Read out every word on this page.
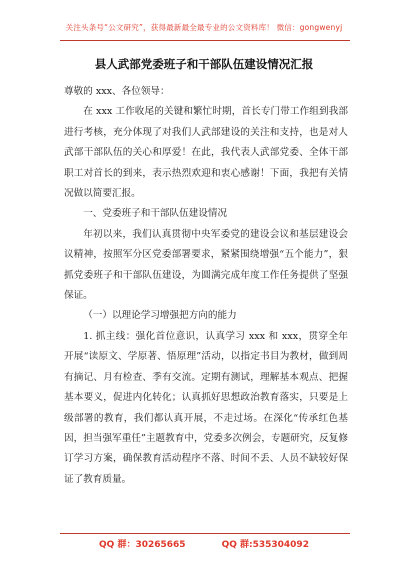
关注头条号“公文研究”，获得最新最全最专业的公文资料库！ 微信：gongwenyj
县人武部党委班子和干部队伍建设情况汇报

尊敬的 xxx、各位领导：

在 xxx 工作收尾的关键和繁忙时期，首长专门带工作组到我部进行考核，充分体现了对我们人武部建设的关注和支持，也是对人武部干部队伍的关心和厚爱！在此，我代表人武部党委、全体干部职工对首长的到来，表示热烈欢迎和衷心感谢！下面，我把有关情况做以简要汇报。

一、党委班子和干部队伍建设情况

年初以来，我们认真贯彻中央军委党的建设会议和基层建设会议精神，按照军分区党委部署要求，紧紧围绕增强“五个能力”，狠抓党委班子和干部队伍建设，为圆满完成年度工作任务提供了坚强保证。

（一）以理论学习增强把方向的能力

1. 抓主线：强化首位意识，认真学习 xxx 和 xxx，贯穿全年开展“读原文、学原著、悟原理”活动，以指定书目为教材，做到周有摘记、月有检查、季有交流。定期有测试，理解基本观点、把握基本要义，促进内化转化；认真抓好思想政治教育落实，只要是上级部署的教育，我们都认真开展，不走过场。在深化“传承红色基因，担当强军重任”主题教育中，党委多次例会，专题研究，反复修订学习方案，确保教育活动程序不落、时间不丢、人员不缺较好保证了教育质量。

QQ 群：30265665	QQ 群:535304092
